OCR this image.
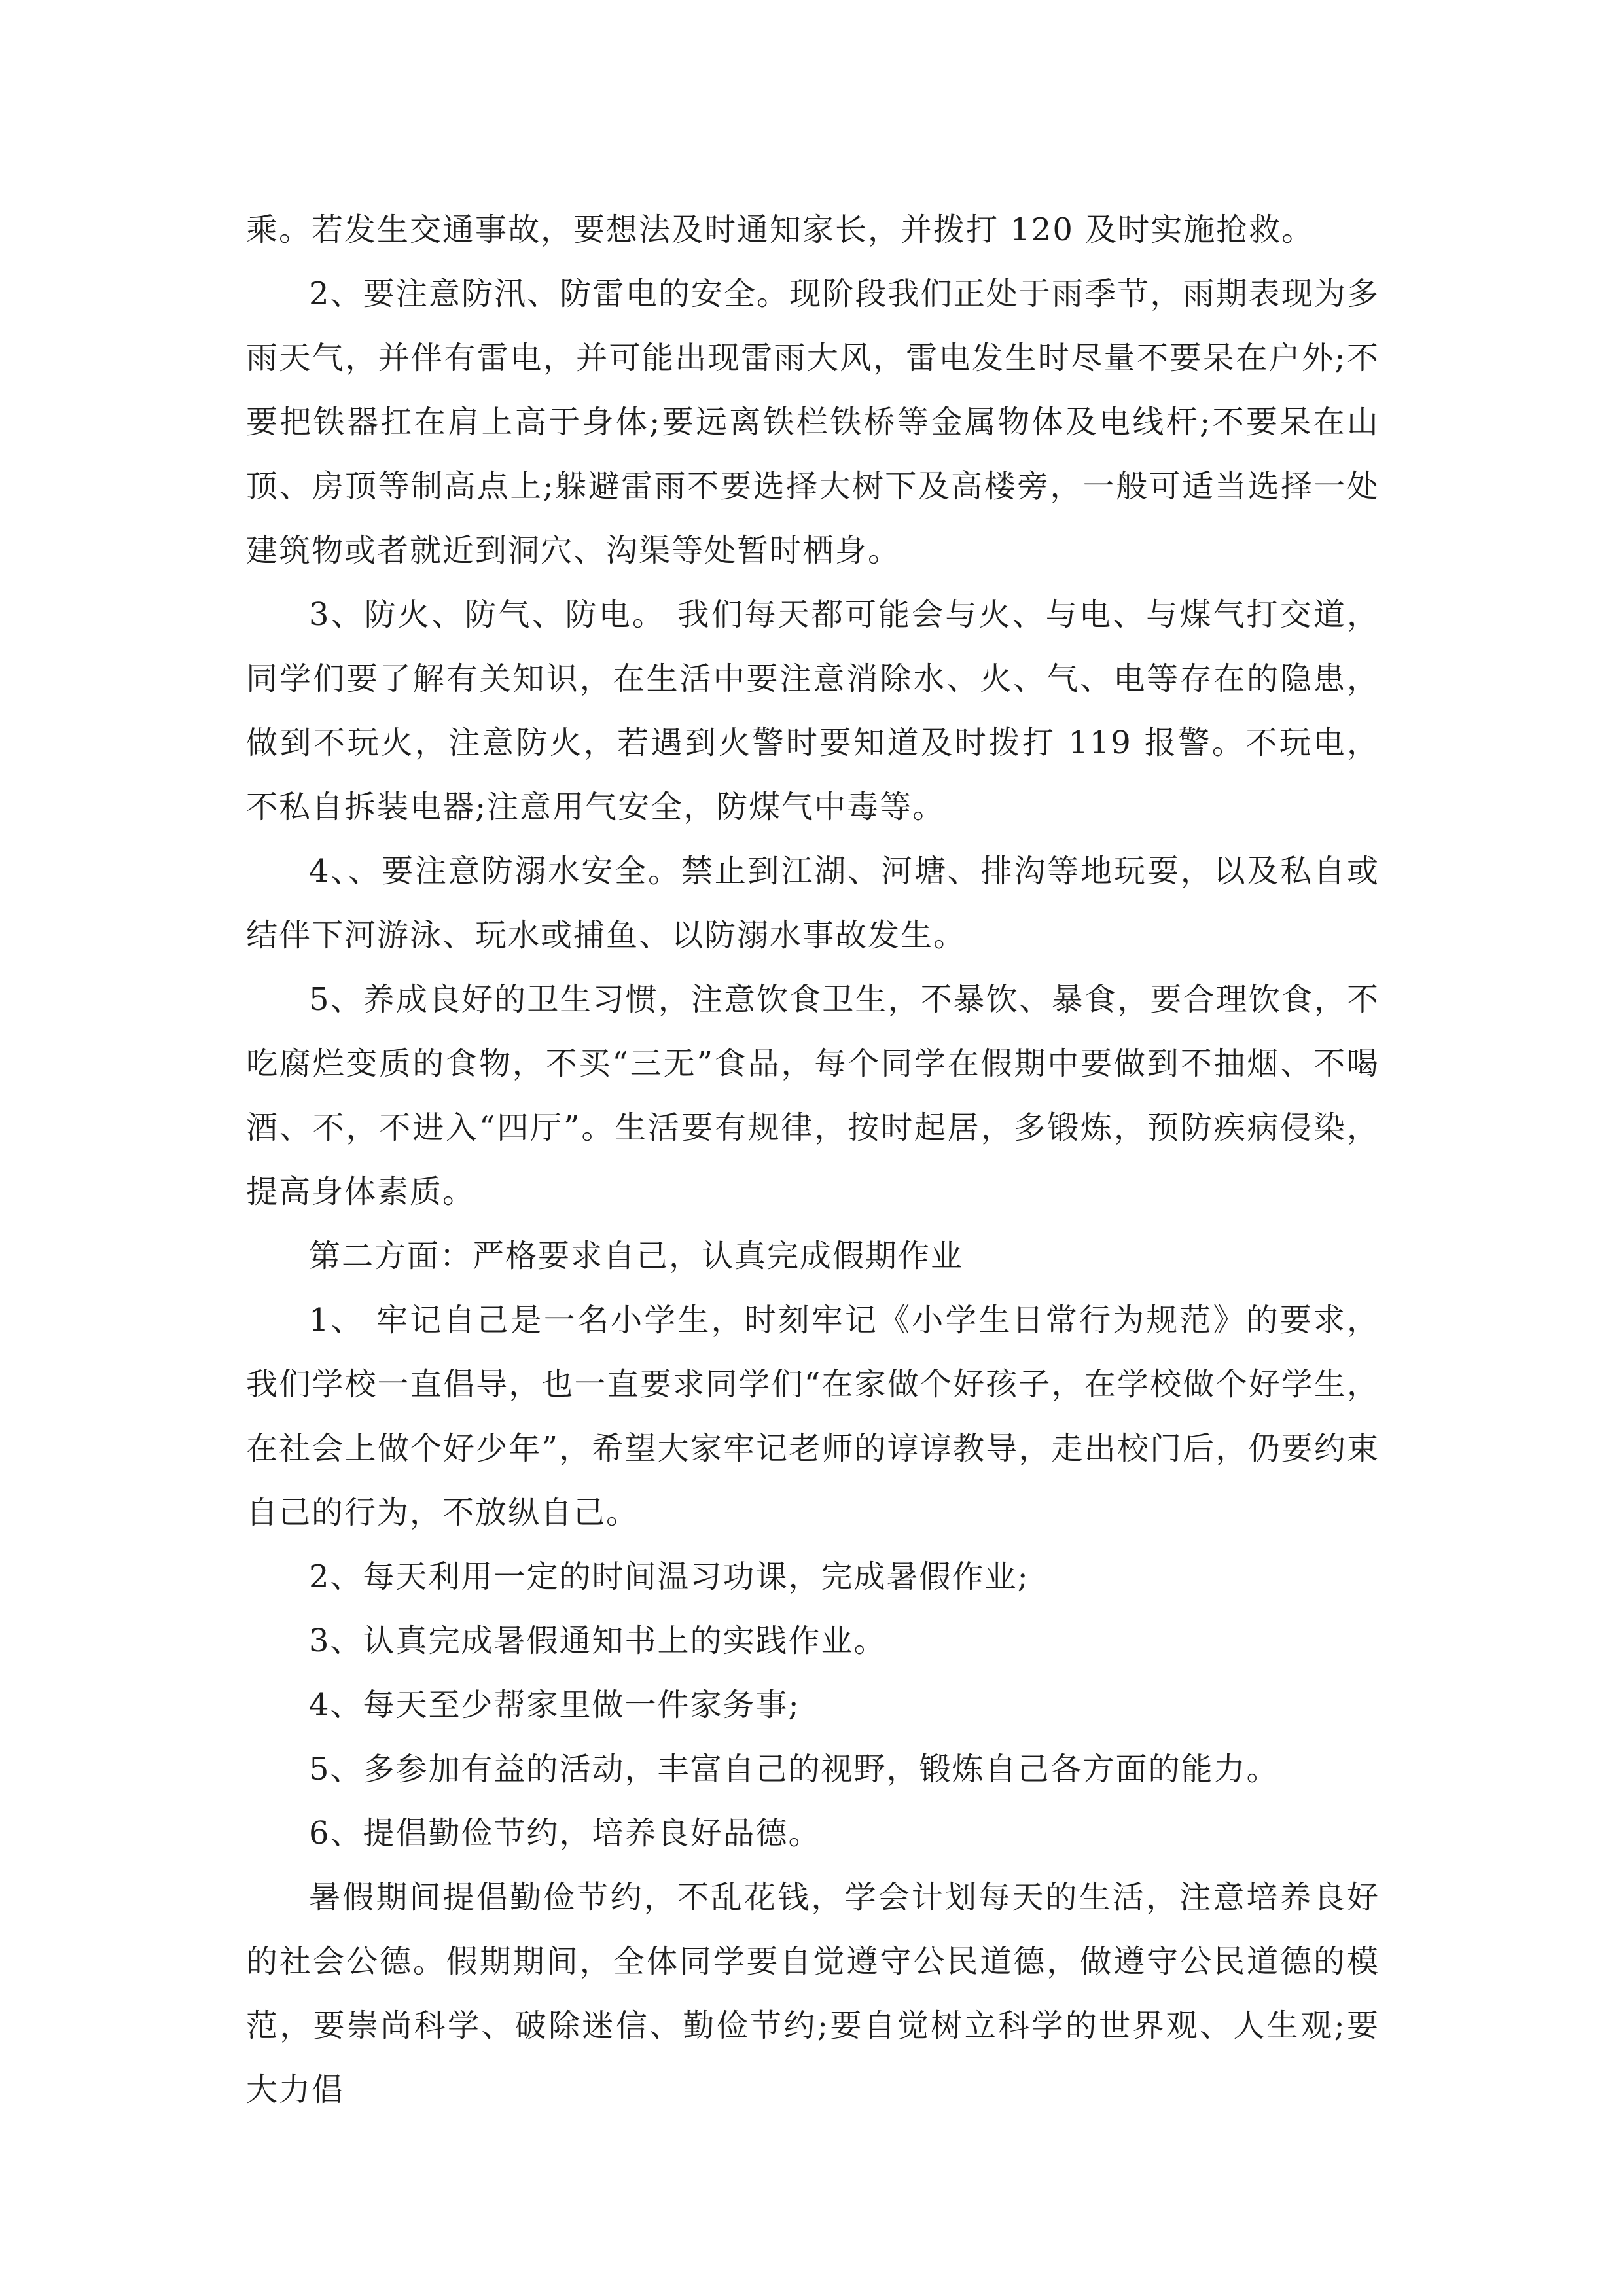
乘。若发生交通事故，要想法及时通知家长，并拨打 120 及时实施抢救。

2、要注意防汛、防雷电的安全。现阶段我们正处于雨季节，雨期表现为多雨天气，并伴有雷电，并可能出现雷雨大风，雷电发生时尽量不要呆在户外;不要把铁器扛在肩上高于身体;要远离铁栏铁桥等金属物体及电线杆;不要呆在山顶、房顶等制高点上;躲避雷雨不要选择大树下及高楼旁，一般可适当选择一处建筑物或者就近到洞穴、沟渠等处暂时栖身。

3、防火、防气、防电。 我们每天都可能会与火、与电、与煤气打交道，同学们要了解有关知识，在生活中要注意消除水、火、气、电等存在的隐患，做到不玩火，注意防火，若遇到火警时要知道及时拨打 119 报警。不玩电，不私自拆装电器;注意用气安全，防煤气中毒等。

4、、要注意防溺水安全。禁止到江湖、河塘、排沟等地玩耍，以及私自或结伴下河游泳、玩水或捕鱼、以防溺水事故发生。

5、养成良好的卫生习惯，注意饮食卫生，不暴饮、暴食，要合理饮食，不吃腐烂变质的食物，不买“三无”食品，每个同学在假期中要做到不抽烟、不喝酒、不，不进入“四厅”。生活要有规律，按时起居，多锻炼，预防疾病侵染，提高身体素质。

第二方面：严格要求自己，认真完成假期作业

1、 牢记自己是一名小学生，时刻牢记《小学生日常行为规范》的要求，我们学校一直倡导，也一直要求同学们“在家做个好孩子，在学校做个好学生，在社会上做个好少年”，希望大家牢记老师的谆谆教导，走出校门后，仍要约束自己的行为，不放纵自己。

2、每天利用一定的时间温习功课，完成暑假作业;

3、认真完成暑假通知书上的实践作业。

4、每天至少帮家里做一件家务事;

5、多参加有益的活动，丰富自己的视野，锻炼自己各方面的能力。

6、提倡勤俭节约，培养良好品德。

暑假期间提倡勤俭节约，不乱花钱，学会计划每天的生活，注意培养良好的社会公德。假期期间，全体同学要自觉遵守公民道德，做遵守公民道德的模范，要崇尚科学、破除迷信、勤俭节约;要自觉树立科学的世界观、人生观;要大力倡
